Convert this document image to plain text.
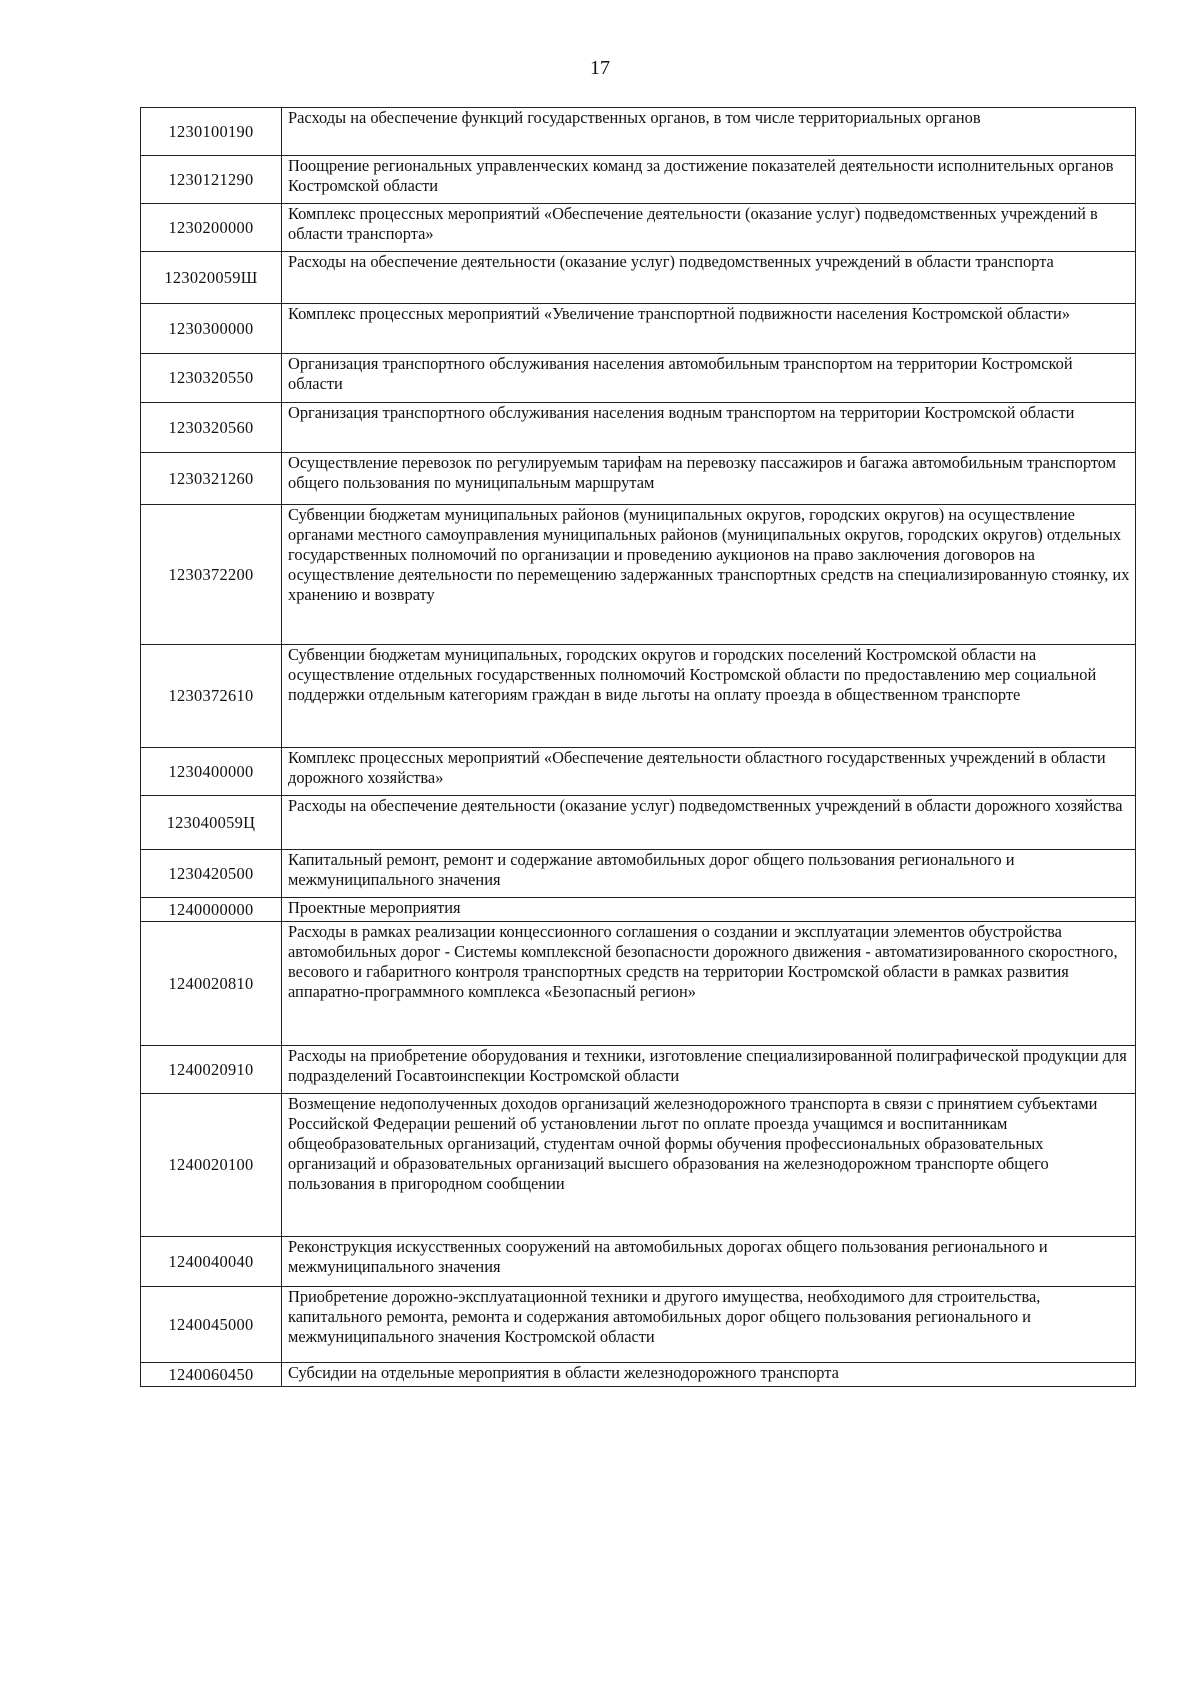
17
1230100190	Расходы на обеспечение функций государственных органов, в том числе территориальных органов
1230121290	Поощрение региональных управленческих команд за достижение показателей деятельности исполнительных органов Костромской области
1230200000	Комплекс процессных мероприятий «Обеспечение деятельности (оказание услуг) подведомственных учреждений в области транспорта»
123020059Ш	Расходы на обеспечение деятельности (оказание услуг) подведомственных учреждений в области транспорта
1230300000	Комплекс процессных мероприятий «Увеличение транспортной подвижности населения Костромской области»
1230320550	Организация транспортного обслуживания населения автомобильным транспортом на территории Костромской области
1230320560	Организация транспортного обслуживания населения водным транспортом на территории Костромской области
1230321260	Осуществление перевозок по регулируемым тарифам на перевозку пассажиров и багажа автомобильным транспортом общего пользования по муниципальным маршрутам
1230372200	Субвенции бюджетам муниципальных районов (муниципальных округов, городских округов) на осуществление органами местного самоуправления муниципальных районов (муниципальных округов, городских округов) отдельных государственных полномочий по организации и проведению аукционов на право заключения договоров на осуществление деятельности по перемещению задержанных транспортных средств на специализированную стоянку, их хранению и возврату
1230372610	Субвенции бюджетам муниципальных, городских округов и городских поселений Костромской области на осуществление отдельных государственных полномочий Костромской области по предоставлению мер социальной поддержки отдельным категориям граждан в виде льготы на оплату проезда в общественном транспорте
1230400000	Комплекс процессных мероприятий «Обеспечение деятельности областного государственных учреждений в области дорожного хозяйства»
123040059Ц	Расходы на обеспечение деятельности (оказание услуг) подведомственных учреждений в области дорожного хозяйства
1230420500	Капитальный ремонт, ремонт и содержание автомобильных дорог общего пользования регионального и межмуниципального значения
1240000000	Проектные мероприятия
1240020810	Расходы в рамках реализации концессионного соглашения о создании и эксплуатации элементов обустройства автомобильных дорог - Системы комплексной безопасности дорожного движения - автоматизированного скоростного, весового и габаритного контроля транспортных средств на территории Костромской области в рамках развития аппаратно-программного комплекса «Безопасный регион»
1240020910	Расходы на приобретение оборудования и техники, изготовление специализированной полиграфической продукции для подразделений Госавтоинспекции Костромской области
1240020100	Возмещение недополученных доходов организаций железнодорожного транспорта в связи с принятием субъектами Российской Федерации решений об установлении льгот по оплате проезда учащимся и воспитанникам общеобразовательных организаций, студентам очной формы обучения профессиональных образовательных организаций и образовательных организаций высшего образования на железнодорожном транспорте общего пользования в пригородном сообщении
1240040040	Реконструкция искусственных сооружений на автомобильных дорогах общего пользования регионального и межмуниципального значения
1240045000	Приобретение дорожно-эксплуатационной техники и другого имущества, необходимого для строительства, капитального ремонта, ремонта и содержания автомобильных дорог общего пользования регионального и межмуниципального значения Костромской области
1240060450	Субсидии на отдельные мероприятия в области железнодорожного транспорта
